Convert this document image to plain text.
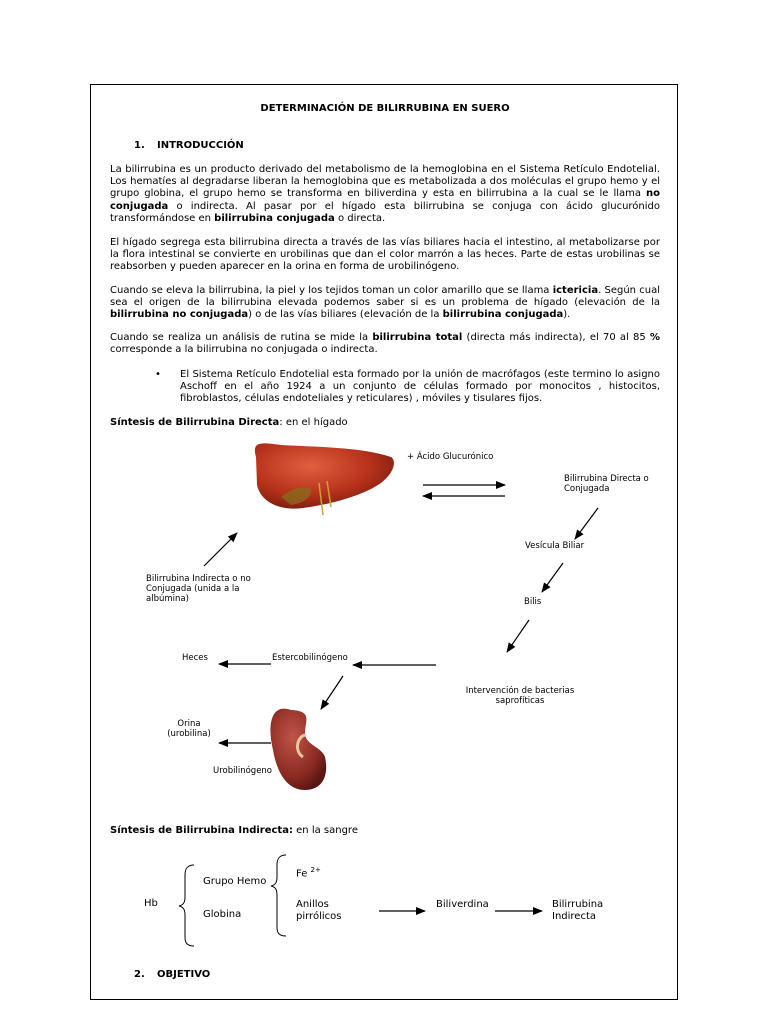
DETERMINACIÓN DE BILIRRUBINA EN SUERO
1. INTRODUCCIÓN
La bilirrubina es un producto derivado del metabolismo de la hemoglobina en el Sistema Retículo Endotelial. Los hematíes al degradarse liberan la hemoglobina que es metabolizada a dos moléculas el grupo hemo y el grupo globina, el grupo hemo se transforma en biliverdina y esta en bilirrubina a la cual se le llama no conjugada o indirecta. Al pasar por el hígado esta bilirrubina se conjuga con ácido glucurónido transformándose en bilirrubina conjugada o directa.
El hígado segrega esta bilirrubina directa a través de las vías biliares hacia el intestino, al metabolizarse por la flora intestinal se convierte en urobilinas que dan el color marrón a las heces. Parte de estas urobilinas se reabsorben y pueden aparecer en la orina en forma de urobilinógeno.
Cuando se eleva la bilirrubina, la piel y los tejidos toman un color amarillo que se llama ictericia. Según cual sea el origen de la bilirrubina elevada podemos saber si es un problema de hígado (elevación de la bilirrubina no conjugada) o de las vías biliares (elevación de la bilirrubina conjugada).
Cuando se realiza un análisis de rutina se mide la bilirrubina total (directa más indirecta), el 70 al 85 % corresponde a la bilirrubina no conjugada o indirecta.
• El Sistema Retículo Endotelial esta formado por la unión de macrófagos (este termino lo asigno Aschoff en el año 1924 a un conjunto de células formado por monocitos , histocitos, fibroblastos, células endoteliales y reticulares) , móviles y tisulares fijos.
Síntesis de Bilirrubina Directa: en el hígado
+ Ácido Glucurónico
Bilirrubina Directa o Conjugada
Vesícula Biliar
Bilis
Bilirrubina Indirecta o no Conjugada (unida a la albúmina)
Heces	Estercobilinógeno
Intervención de bacterias saprofíticas
Orina (urobilina)
Urobilinógeno
Síntesis de Bilirrubina Indirecta: en la sangre
Hb
Grupo Hemo
Globina
Fe $^{2+}$
Anillos pirrólicos
Biliverdina	Bilirrubina Indirecta
2. OBJETIVO
